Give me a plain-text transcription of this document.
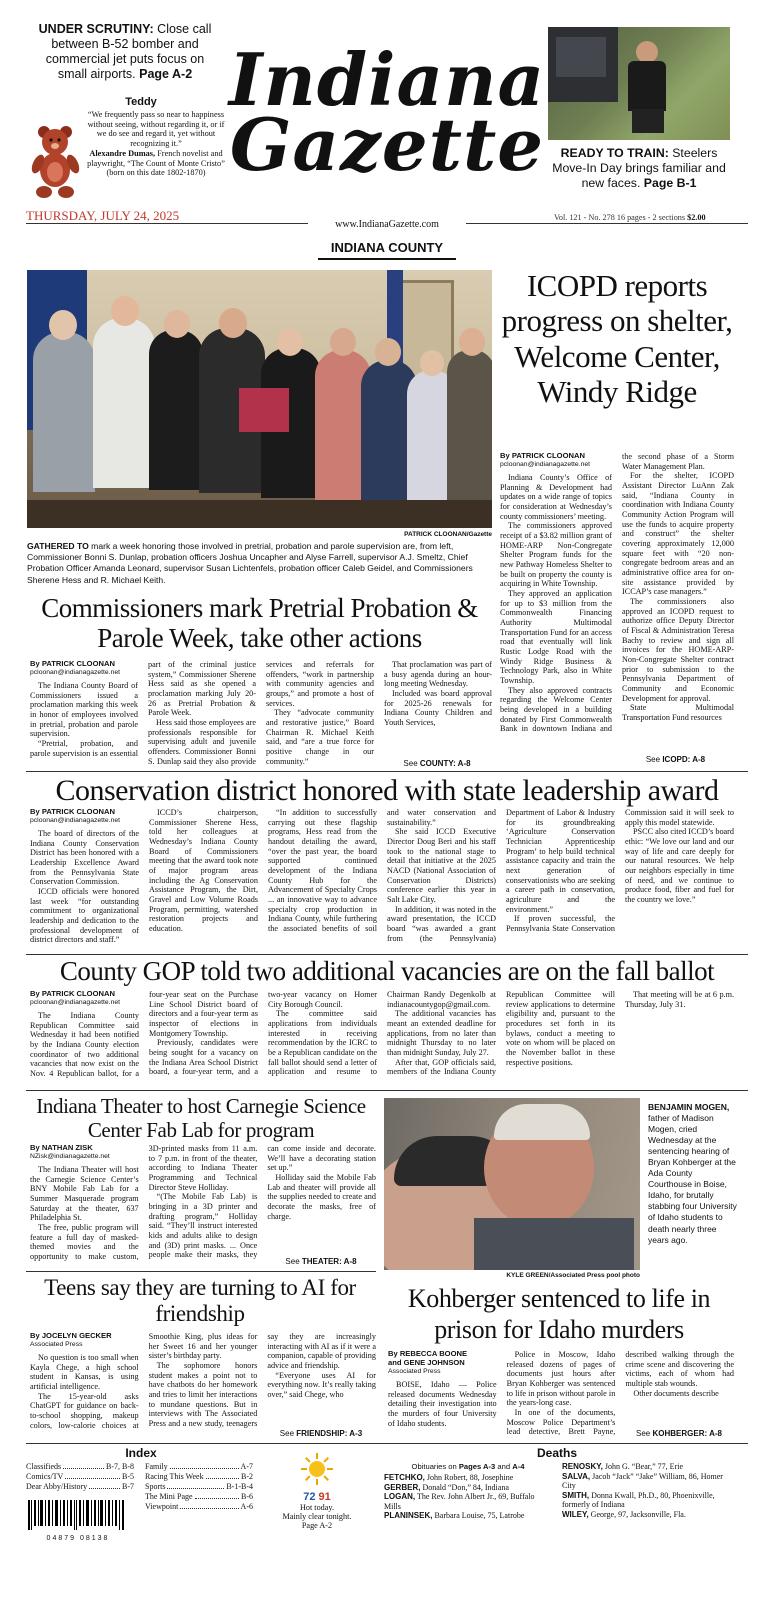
UNDER SCRUTINY: Close call between B-52 bomber and commercial jet puts focus on small airports. Page A-2
Teddy
“We frequently pass so near to happiness without seeing, without regarding it, or if we do see and regard it, yet without recognizing it.”
Alexandre Dumas, French novelist and playwright, “The Count of Monte Cristo” (born on this date 1802-1870)
Indiana
Gazette	READY TO TRAIN: Steelers Move-In Day brings familiar and new faces. Page B-1
THURSDAY, JULY 24, 2025	Vol. 121 - No. 278 16 pages - 2 sections $2.00
www.IndianaGazette.com
INDIANA COUNTY
PATRICK CLOONAN/Gazette
GATHERED TO mark a week honoring those involved in pretrial, probation and parole supervision are, from left, Commissioner Bonni S. Dunlap, probation officers Joshua Uncapher and Alyse Farrell, supervisor A.J. Smeltz, Chief Probation Officer Amanda Leonard, supervisor Susan Lichtenfels, probation officer Caleb Geidel, and Commissioners Sherene Hess and R. Michael Keith.
ICOPD reports progress on shelter, Welcome Center, Windy Ridge
By PATRICK CLOONAN
pcloonan@indianagazette.net

Indiana County’s Office of Planning & Development had updates on a wide range of topics for consideration at Wednesday’s county commissioners’ meeting.

The commissioners approved receipt of a $3.82 million grant of HOME-ARP Non-Congregate Shelter Program funds for the new Pathway Homeless Shelter to be built on property the county is acquiring in White Township.

They approved an application for up to $3 million from the Commonwealth Financing Authority Multimodal Transportation Fund for an access road that eventually will link Rustic Lodge Road with the Windy Ridge Business & Technology Park, also in White Township.

They also approved contracts regarding the Welcome Center being developed in a building donated by First Commonwealth Bank in downtown Indiana and the second phase of a Storm Water Management Plan.

For the shelter, ICOPD Assistant Director LuAnn Zak said, “Indiana County in coordination with Indiana County Community Action Program will use the funds to acquire property and construct” the shelter covering approximately 12,000 square feet with “20 non-congregate bedroom areas and an administrative office area for on-site assistance provided by ICCAP’s case managers.”

The commissioners also approved an ICOPD request to authorize office Deputy Director of Fiscal & Administration Teresa Bachy to review and sign all invoices for the HOME-ARP-Non-Congregate Shelter contract prior to submission to the Pennsylvania Department of Community and Economic Development for approval.

State Multimodal Transportation Fund resources

See ICOPD: A-8
Commissioners mark Pretrial Probation & Parole Week, take other actions
By PATRICK CLOONAN
pcloonan@indianagazette.net

The Indiana County Board of Commissioners issued a proclamation marking this week in honor of employees involved in pretrial, probation and parole supervision.

“Pretrial, probation, and parole supervision is an essential part of the criminal justice system,” Commissioner Sherene Hess said as she opened a proclamation marking July 20-26 as Pretrial Probation & Parole Week.

Hess said those employees are professionals responsible for supervising adult and juvenile offenders. Commissioner Bonni S. Dunlap said they also provide services and referrals for offenders, “work in partnership with community agencies and groups,” and promote a host of services.

They “advocate community and restorative justice,” Board Chairman R. Michael Keith said, and “are a true force for positive change in our community.”

That proclamation was part of a busy agenda during an hour-long meeting Wednesday.

Included was board approval for 2025-26 renewals for Indiana County Children and Youth Services,

See COUNTY: A-8
Conservation district honored with state leadership award
By PATRICK CLOONAN
pcloonan@indianagazette.net

The board of directors of the Indiana County Conservation District has been honored with a Leadership Excellence Award from the Pennsylvania State Conservation Commission.

ICCD officials were honored last week “for outstanding commitment to organizational leadership and dedication to the professional development of district directors and staff.”

ICCD’s chairperson, Commissioner Sherene Hess, told her colleagues at Wednesday’s Indiana County Board of Commissioners meeting that the award took note of major program areas including the Ag Conservation Assistance Program, the Dirt, Gravel and Low Volume Roads Program, permitting, watershed restoration projects and education.

“In addition to successfully carrying out these flagship programs, Hess read from the handout detailing the award, “over the past year, the board supported continued development of the Indiana County Hub for the Advancement of Specialty Crops ... an innovative way to advance specialty crop production in Indiana County, while furthering the associated benefits of soil and water conservation and sustainability.”

She said ICCD Executive Director Doug Beri and his staff took to the national stage to detail that initiative at the 2025 NACD (National Association of Conservation Districts) conference earlier this year in Salt Lake City.

In addition, it was noted in the award presentation, the ICCD board “was awarded a grant from (the Pennsylvania) Department of Labor & Industry for its groundbreaking ‘Agriculture Conservation Technician Apprenticeship Program’ to help build technical assistance capacity and train the next generation of conservationists who are seeking a career path in conservation, agriculture and the environment.”

If proven successful, the Pennsylvania State Conservation Commission said it will seek to apply this model statewide.

PSCC also cited ICCD’s board ethic: “We love our land and our way of life and care deeply for our natural resources. We help our neighbors especially in time of need, and we continue to produce food, fiber and fuel for the country we love.”

County GOP told two additional vacancies are on the fall ballot
By PATRICK CLOONAN
pcloonan@indianagazette.net

The Indiana County Republican Committee said Wednesday it had been notified by the Indiana County election coordinator of two additional vacancies that now exist on the Nov. 4 Republican ballot, for a four-year seat on the Purchase Line School District board of directors and a four-year term as inspector of elections in Montgomery Township.

Previously, candidates were being sought for a vacancy on the Indiana Area School District board, a four-year term, and a two-year vacancy on Homer City Borough Council.

The committee said applications from individuals interested in receiving recommendation by the ICRC to be a Republican candidate on the fall ballot should send a letter of application and resume to Chairman Randy Degenkolb at indianacountygop@gmail.com.

The additional vacancies has meant an extended deadline for applications, from no later than midnight Thursday to no later than midnight Sunday, July 27.

After that, GOP officials said, members of the Indiana County Republican Committee will review applications to determine eligibility and, pursuant to the procedures set forth in its bylaws, conduct a meeting to vote on whom will be placed on the November ballot in these respective positions.

That meeting will be at 6 p.m. Thursday, July 31.

Indiana Theater to host Carnegie Science Center Fab Lab for program
By NATHAN ZISK
NZisk@indianagazette.net

The Indiana Theater will host the Carnegie Science Center’s BNY Mobile Fab Lab for a Summer Masquerade program Saturday at the theater, 637 Philadelphia St.

The free, public program will feature a full day of masked-themed movies and the opportunity to make custom, 3D-printed masks from 11 a.m. to 7 p.m. in front of the theater, according to Indiana Theater Programming and Technical Director Steve Holliday.

“(The Mobile Fab Lab) is bringing in a 3D printer and drafting program,” Holliday said. “They’ll instruct interested kids and adults alike to design and (3D) print masks. ... Once people make their masks, they can come inside and decorate. We’ll have a decorating station set up.”

Holliday said the Mobile Fab Lab and theater will provide all the supplies needed to create and decorate the masks, free of charge.

See THEATER: A-8
Teens say they are turning to AI for friendship
By JOCELYN GECKER
Associated Press

No question is too small when Kayla Chege, a high school student in Kansas, is using artificial intelligence.

The 15-year-old asks ChatGPT for guidance on back-to-school shopping, makeup colors, low-calorie choices at Smoothie King, plus ideas for her Sweet 16 and her younger sister’s birthday party.

The sophomore honors student makes a point not to have chatbots do her homework and tries to limit her interactions to mundane questions. But in interviews with The Associated Press and a new study, teenagers say they are increasingly interacting with AI as if it were a companion, capable of providing advice and friendship.

“Everyone uses AI for everything now. It’s really taking over,” said Chege, who

See FRIENDSHIP: A-3
KYLE GREEN/Associated Press pool photo
BENJAMIN MOGEN, father of Madison Mogen, cried Wednesday at the sentencing hearing of Bryan Kohberger at the Ada County Courthouse in Boise, Idaho, for brutally stabbing four University of Idaho students to death nearly three years ago.
Kohberger sentenced to life in prison for Idaho murders
By REBECCA BOONE
and GENE JOHNSON
Associated Press

BOISE, Idaho — Police released documents Wednesday detailing their investigation into the murders of four University of Idaho students.

Police in Moscow, Idaho released dozens of pages of documents just hours after Bryan Kohberger was sentenced to life in prison without parole in the years-long case.

In one of the documents, Moscow Police Department’s lead detective, Brett Payne, described walking through the crime scene and discovering the victims, each of whom had multiple stab wounds.

Other documents describe

See KOHBERGER: A-8
Index
Classifieds	B-7, B-8
Comics/TV	B-5
Dear Abby/History	B-7
Family	A-7
Racing This Week	B-2
Sports	B-1-B-4
The Mini Page	B-6
Viewpoint	A-6
04879 08138
72 91
Hot today.
Mainly clear tonight.
Page A-2
Deaths
Obituaries on Pages A-3 and A-4
FETCHKO, John Robert, 88, Josephine
GERBER, Donald “Don,” 84, Indiana
LOGAN, The Rev. John Albert Jr., 69, Buffalo Mills
PLANINSEK, Barbara Louise, 75, Latrobe
RENOSKY, John G. “Bear,” 77, Erie
SALVA, Jacob “Jack” “Jake” William, 86, Homer City
SMITH, Donna Kwall, Ph.D., 80, Phoenixville, formerly of Indiana
WILEY, George, 97, Jacksonville, Fla.
